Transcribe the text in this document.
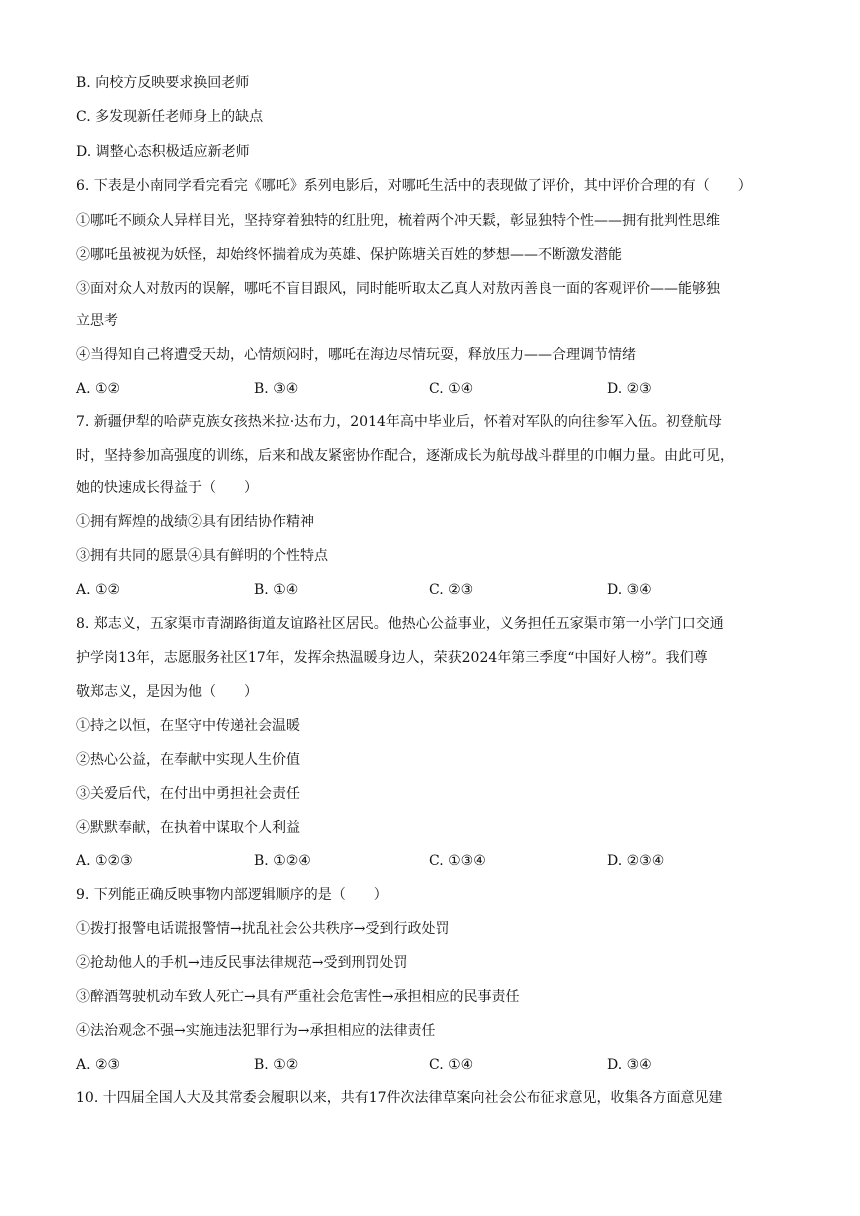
B. 向校方反映要求换回老师
C. 多发现新任老师身上的缺点
D. 调整心态积极适应新老师
6. 下表是小南同学看完看完《哪吒》系列电影后，对哪吒生活中的表现做了评价，其中评价合理的有（　　）
①哪吒不顾众人异样目光，坚持穿着独特的红肚兜，梳着两个冲天鬏，彰显独特个性——拥有批判性思维
②哪吒虽被视为妖怪，却始终怀揣着成为英雄、保护陈塘关百姓的梦想——不断激发潜能
③面对众人对敖丙的误解，哪吒不盲目跟风，同时能听取太乙真人对敖丙善良一面的客观评价——能够独
立思考
④当得知自己将遭受天劫，心情烦闷时，哪吒在海边尽情玩耍，释放压力——合理调节情绪
A. ①②	B. ③④	C. ①④	D. ②③
7. 新疆伊犁的哈萨克族女孩热米拉·达布力，2014年高中毕业后，怀着对军队的向往参军入伍。初登航母
时，坚持参加高强度的训练，后来和战友紧密协作配合，逐渐成长为航母战斗群里的巾帼力量。由此可见，
她的快速成长得益于（　　）
①拥有辉煌的战绩②具有团结协作精神
③拥有共同的愿景④具有鲜明的个性特点
A. ①②	B. ①④	C. ②③	D. ③④
8. 郑志义，五家渠市青湖路街道友谊路社区居民。他热心公益事业，义务担任五家渠市第一小学门口交通
护学岗13年，志愿服务社区17年，发挥余热温暖身边人，荣获2024年第三季度“中国好人榜”。我们尊
敬郑志义，是因为他（　　）
①持之以恒，在坚守中传递社会温暖
②热心公益，在奉献中实现人生价值
③关爱后代，在付出中勇担社会责任
④默默奉献，在执着中谋取个人利益
A. ①②③	B. ①②④	C. ①③④	D. ②③④
9. 下列能正确反映事物内部逻辑顺序的是（　　）
①拨打报警电话谎报警情→扰乱社会公共秩序→受到行政处罚
②抢劫他人的手机→违反民事法律规范→受到刑罚处罚
③醉酒驾驶机动车致人死亡→具有严重社会危害性→承担相应的民事责任
④法治观念不强→实施违法犯罪行为→承担相应的法律责任
A. ②③	B. ①②	C. ①④	D. ③④
10. 十四届全国人大及其常委会履职以来，共有17件次法律草案向社会公布征求意见，收集各方面意见建
